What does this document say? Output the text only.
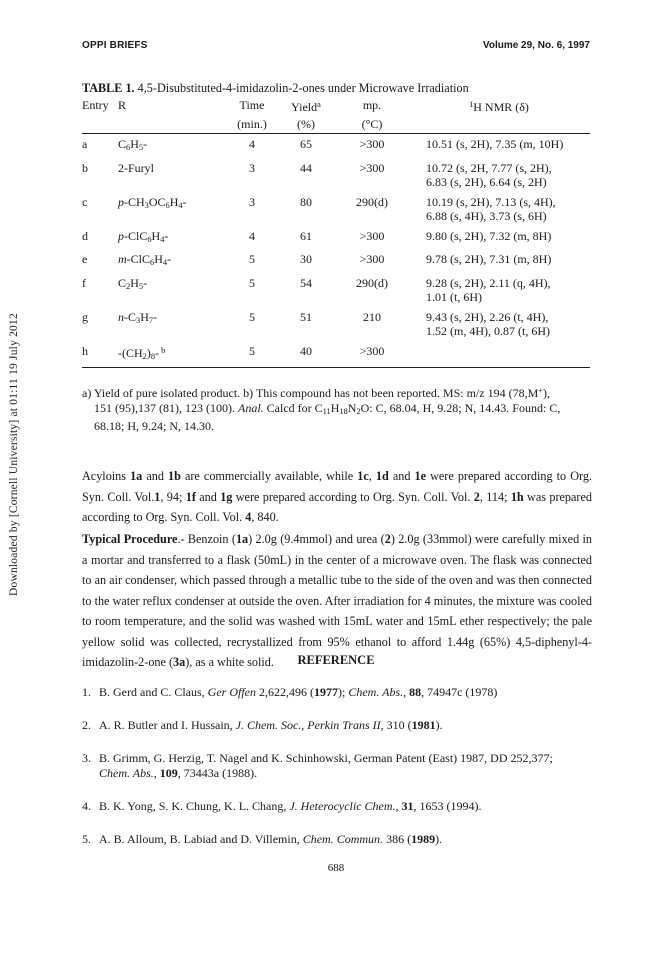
Downloaded by [Cornell University] at 01:11 19 July 2012
OPPI BRIEFS	Volume 29, No. 6, 1997
TABLE 1. 4,5-Disubstituted-4-imidazolin-2-ones under Microwave Irradiation
Entry	R	Time	Yield$^a$	mp.	$^1$H NMR (δ)
		(min.)	(%)	(°C)	
a	$C_6H_5-$	4	65	>300	10.51 (s, 2H), 7.35 (m, 10H)

b	2-Furyl	3	44	>300	10.72 (s, 2H, 7.77 (s, 2H),
6.83 (s, 2H), 6.64 (s, 2H)

c	$p-CH_3OC_6H_4-$	3	80	290(d)	10.19 (s, 2H), 7.13 (s, 4H),
6.88 (s, 4H), 3.73 (s, 6H)

d	$p-ClC_6H_4-$	4	61	>300	9.80 (s, 2H), 7.32 (m, 8H)

e	$m-ClC_6H_4-$	5	30	>300	9.78 (s, 2H), 7.31 (m, 8H)

f	$C_2H_5-$	5	54	290(d)	9.28 (s, 2H), 2.11 (q, 4H),
1.01 (t, 6H)

g	$n-C_3H_7-$	5	51	210	9.43 (s, 2H), 2.26 (t, 4H),
1.52 (m, 4H), 0.87 (t, 6H)

h	$-(CH_2)_8-$ $^b$	5	40	>300	
a) Yield of pure isolated product. b) This compound has not been reported. MS: m/z 194 (78,M+),
151 (95),137 (81), 123 (100). Anal. Calcd for $C_{11}H_{18}N_2O$: C, 68.04, H, 9.28; N, 14.43. Found: C,
68.18; H, 9.24; N, 14.30.
Acyloins 1a and 1b are commercially available, while 1c, 1d and 1e were prepared according to Org. Syn. Coll. Vol.1, 94; 1f and 1g were prepared according to Org. Syn. Coll. Vol. 2, 114; 1h was prepared according to Org. Syn. Coll. Vol. 4, 840.
Typical Procedure.- Benzoin (1a) 2.0g (9.4mmol) and urea (2) 2.0g (33mmol) were carefully mixed in a mortar and transferred to a flask (50mL) in the center of a microwave oven. The flask was connected to an air condenser, which passed through a metallic tube to the side of the oven and was then connected to the water reflux condenser at outside the oven. After irradiation for 4 minutes, the mixture was cooled to room temperature, and the solid was washed with 15mL water and 15mL ether respectively; the pale yellow solid was collected, recrystallized from 95% ethanol to afford 1.44g (65%) 4,5-diphenyl-4-imidazolin-2-one (3a), as a white solid.	REFERENCE
1. B. Gerd and C. Claus, Ger Offen 2,622,496 (1977); Chem. Abs., 88, 74947c (1978)
2. A. R. Butler and I. Hussain, J. Chem. Soc., Perkin Trans II, 310 (1981).
3. B. Grimm, G. Herzig, T. Nagel and K. Schinhowski, German Patent (East) 1987, DD 252,377;
Chem. Abs., 109, 73443a (1988).
4. B. K. Yong, S. K. Chung, K. L. Chang, J. Heterocyclic Chem., 31, 1653 (1994).
5. A. B. Alloum, B. Labiad and D. Villemin, Chem. Commun. 386 (1989).
688
